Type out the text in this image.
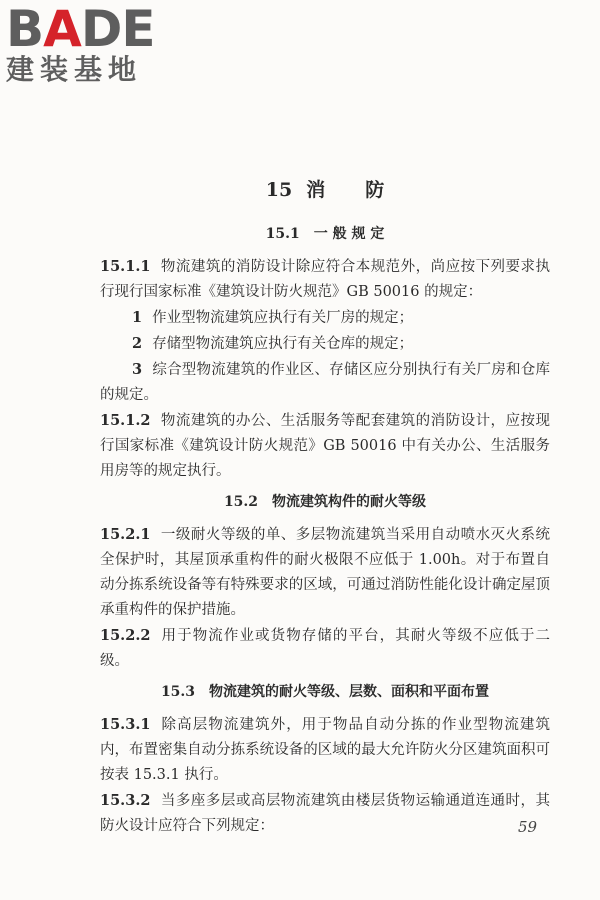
BADE
建装基地
15 消 防
15.1 一 般 规 定

15.1.1 物流建筑的消防设计除应符合本规范外，尚应按下列要求执行现行国家标准《建筑设计防火规范》GB 50016 的规定：

1 作业型物流建筑应执行有关厂房的规定；

2 存储型物流建筑应执行有关仓库的规定；

3 综合型物流建筑的作业区、存储区应分别执行有关厂房和仓库的规定。

15.1.2 物流建筑的办公、生活服务等配套建筑的消防设计，应按现行国家标准《建筑设计防火规范》GB 50016 中有关办公、生活服务用房等的规定执行。

15.2 物流建筑构件的耐火等级

15.2.1 一级耐火等级的单、多层物流建筑当采用自动喷水灭火系统全保护时，其屋顶承重构件的耐火极限不应低于 1.00h。对于布置自动分拣系统设备等有特殊要求的区域，可通过消防性能化设计确定屋顶承重构件的保护措施。

15.2.2 用于物流作业或货物存储的平台，其耐火等级不应低于二级。

15.3 物流建筑的耐火等级、层数、面积和平面布置

15.3.1 除高层物流建筑外，用于物品自动分拣的作业型物流建筑内，布置密集自动分拣系统设备的区域的最大允许防火分区建筑面积可按表 15.3.1 执行。

15.3.2 当多座多层或高层物流建筑由楼层货物运输通道连通时，其防火设计应符合下列规定：	59
